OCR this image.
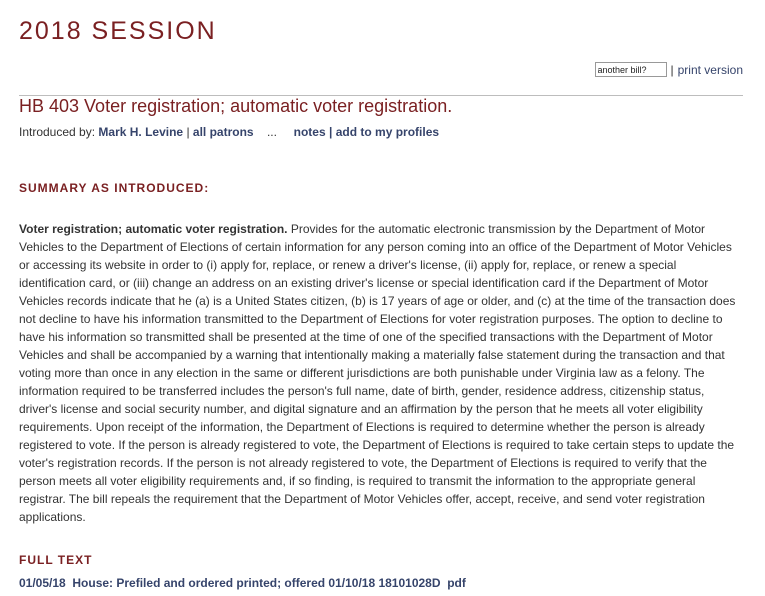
2018 SESSION
another bill?
| print version
HB 403 Voter registration; automatic voter registration.
Introduced by: Mark H. Levine | all patrons ... notes | add to my profiles
SUMMARY AS INTRODUCED:

Voter registration; automatic voter registration. Provides for the automatic electronic transmission by the Department of Motor Vehicles to the Department of Elections of certain information for any person coming into an office of the Department of Motor Vehicles or accessing its website in order to (i) apply for, replace, or renew a driver's license, (ii) apply for, replace, or renew a special identification card, or (iii) change an address on an existing driver's license or special identification card if the Department of Motor Vehicles records indicate that he (a) is a United States citizen, (b) is 17 years of age or older, and (c) at the time of the transaction does not decline to have his information transmitted to the Department of Elections for voter registration purposes. The option to decline to have his information so transmitted shall be presented at the time of one of the specified transactions with the Department of Motor Vehicles and shall be accompanied by a warning that intentionally making a materially false statement during the transaction and that voting more than once in any election in the same or different jurisdictions are both punishable under Virginia law as a felony. The information required to be transferred includes the person's full name, date of birth, gender, residence address, citizenship status, driver's license and social security number, and digital signature and an affirmation by the person that he meets all voter eligibility requirements. Upon receipt of the information, the Department of Elections is required to determine whether the person is already registered to vote. If the person is already registered to vote, the Department of Elections is required to take certain steps to update the voter's registration records. If the person is not already registered to vote, the Department of Elections is required to verify that the person meets all voter eligibility requirements and, if so finding, is required to transmit the information to the appropriate general registrar. The bill repeals the requirement that the Department of Motor Vehicles offer, accept, receive, and send voter registration applications.

FULL TEXT
01/05/18  House: Prefiled and ordered printed; offered 01/10/18 18101028D pdf
